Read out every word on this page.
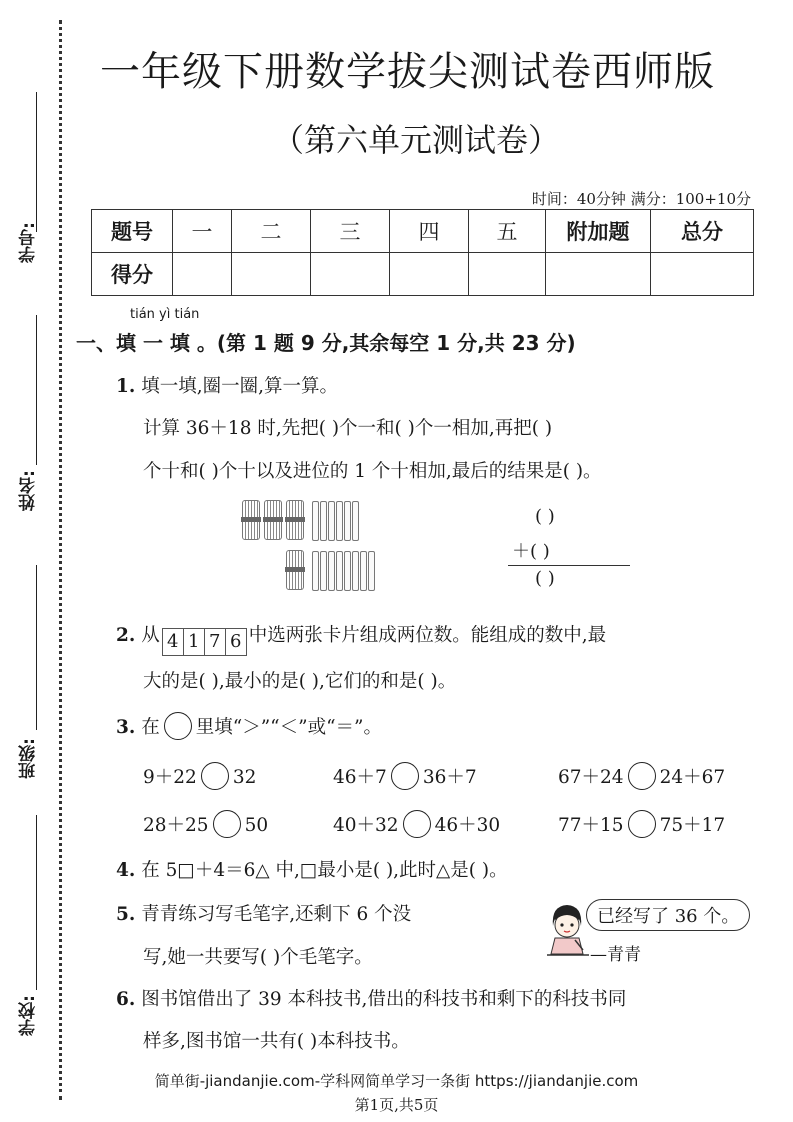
学号:
姓名:
班级:
学校:
一年级下册数学拔尖测试卷西师版
（第六单元测试卷）
时间：40分钟 满分：100+10分
题号	一	二	三	四	五	附加题	总分
得分							
tián yì tián
一、填 一 填 。(第 1 题 9 分,其余每空 1 分,共 23 分)
1. 填一填,圈一圈,算一算。
计算 36＋18 时,先把( )个一和( )个一相加,再把( )
个十和( )个十以及进位的 1 个十相加,最后的结果是( )。
( )
＋( )
( )
2. 从 4 1 7 6 中选两张卡片组成两位数。能组成的数中,最
大的是( ),最小的是( ),它们的和是( )。
3. 在 里填“＞”“＜”或“＝”。
9＋22 32	46＋7 36＋7	67＋24 24＋67
28＋25 50	40＋32 46＋30	77＋15 75＋17
4. 在 5□＋4＝6△ 中,□最小是( ),此时△是( )。
5. 青青练习写毛笔字,还剩下 6 个没
写,她一共要写( )个毛笔字。
已经写了 36 个。
—青青
6. 图书馆借出了 39 本科技书,借出的科技书和剩下的科技书同
样多,图书馆一共有( )本科技书。
简单街-jiandanjie.com-学科网简单学习一条街 https://jiandanjie.com
第1页,共5页
